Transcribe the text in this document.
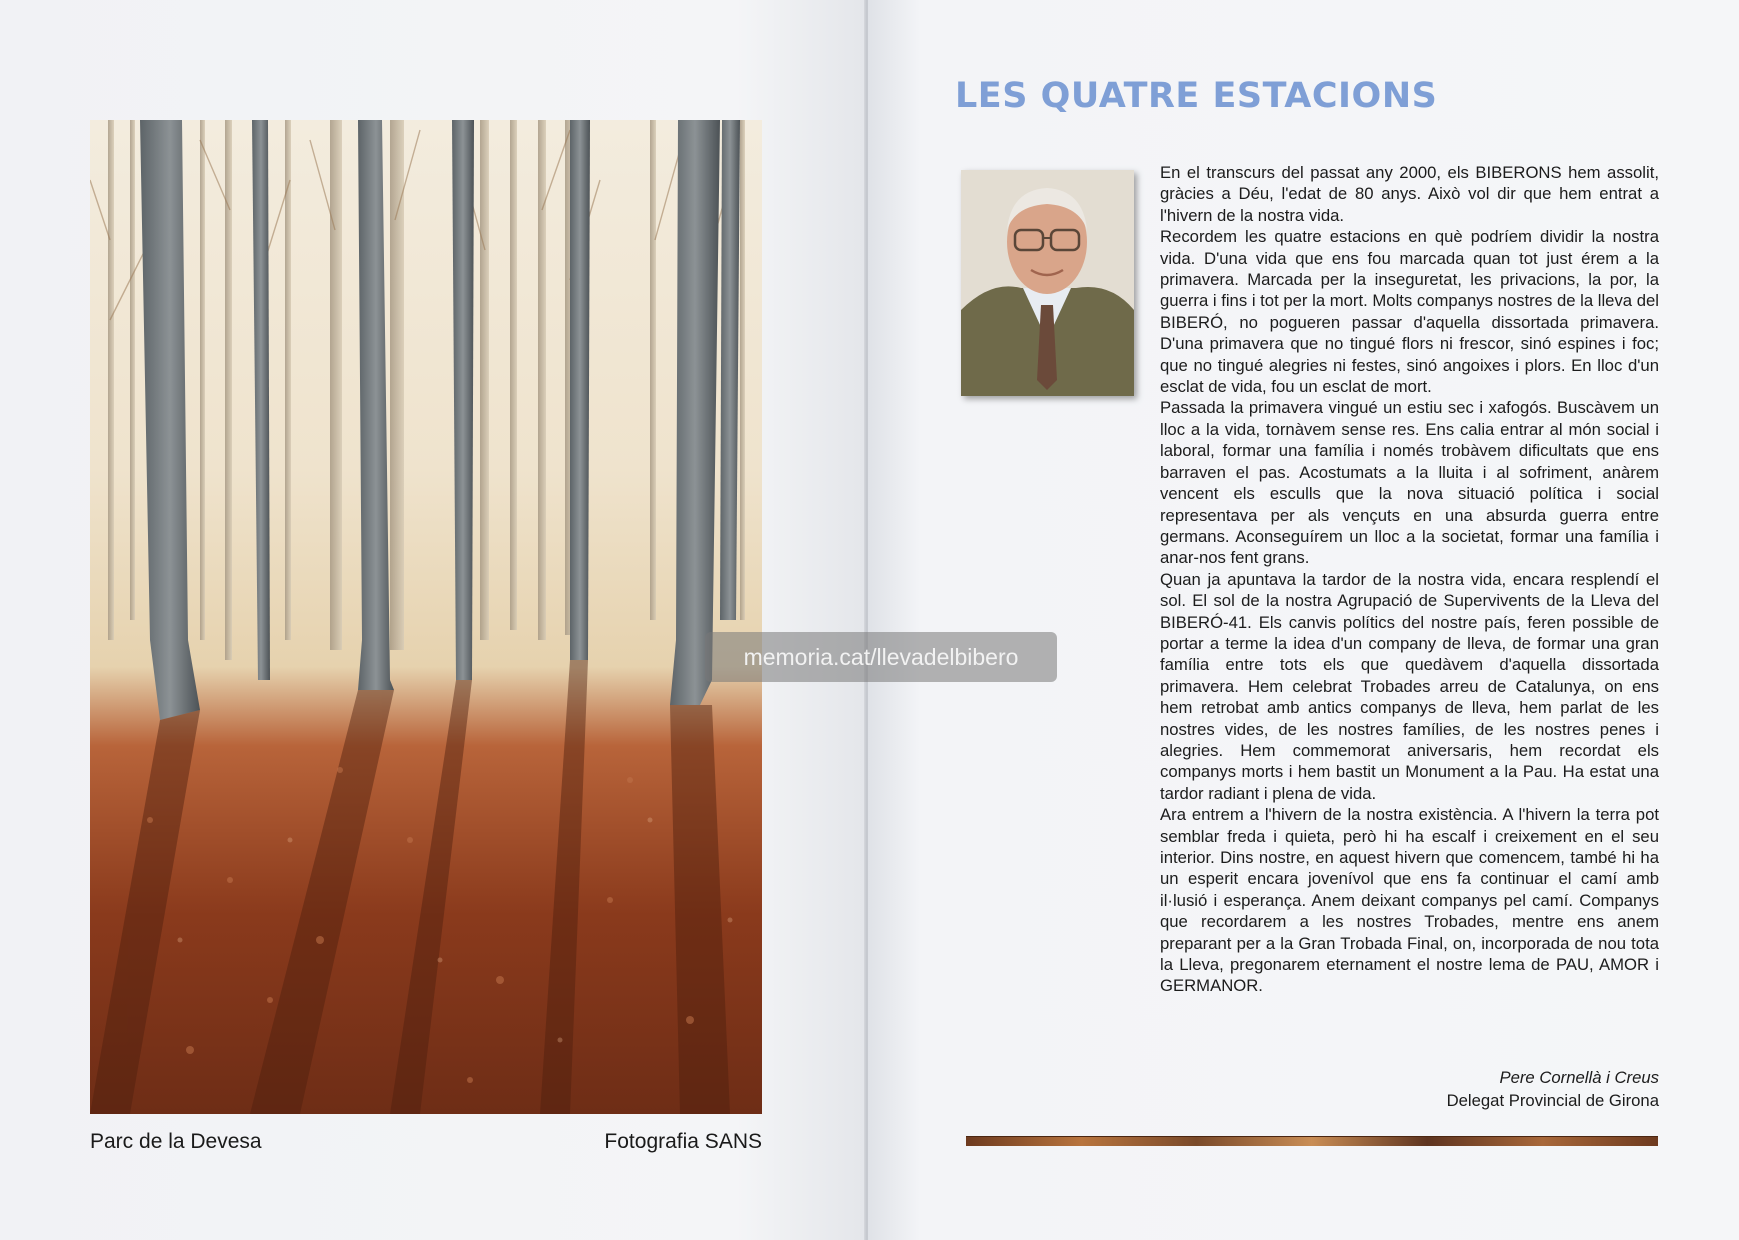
Parc de la Devesa	Fotografia SANS
LES QUATRE ESTACIONS

En el transcurs del passat any 2000, els BIBERONS hem assolit, gràcies a Déu, l'edat de 80 anys. Això vol dir que hem entrat a l'hivern de la nostra vida.

Recordem les quatre estacions en què podríem dividir la nostra vida. D'una vida que ens fou marcada quan tot just érem a la primavera. Marcada per la inseguretat, les privacions, la por, la guerra i fins i tot per la mort. Molts companys nostres de la lleva del BIBERÓ, no pogueren passar d'aquella dissortada primavera. D'una primavera que no tingué flors ni frescor, sinó espines i foc; que no tingué alegries ni festes, sinó angoixes i plors. En lloc d'un esclat de vida, fou un esclat de mort.

Passada la primavera vingué un estiu sec i xafogós. Buscàvem un lloc a la vida, tornàvem sense res. Ens calia entrar al món social i laboral, formar una família i només trobàvem dificultats que ens barraven el pas. Acostumats a la lluita i al sofriment, anàrem vencent els esculls que la nova situació política i social representava per als vençuts en una absurda guerra entre germans. Aconseguírem un lloc a la societat, formar una família i anar-nos fent grans.

Quan ja apuntava la tardor de la nostra vida, encara resplendí el sol. El sol de la nostra Agrupació de Supervivents de la Lleva del BIBERÓ-41. Els canvis polítics del nostre país, feren possible de portar a terme la idea d'un company de lleva, de formar una gran família entre tots els que quedàvem d'aquella dissortada primavera. Hem celebrat Trobades arreu de Catalunya, on ens hem retrobat amb antics companys de lleva, hem parlat de les nostres vides, de les nostres famílies, de les nostres penes i alegries. Hem commemorat aniversaris, hem recordat els companys morts i hem bastit un Monument a la Pau. Ha estat una tardor radiant i plena de vida.

Ara entrem a l'hivern de la nostra existència. A l'hivern la terra pot semblar freda i quieta, però hi ha escalf i creixement en el seu interior. Dins nostre, en aquest hivern que comencem, també hi ha un esperit encara jovenívol que ens fa continuar el camí amb il·lusió i esperança. Anem deixant companys pel camí. Companys que recordarem a les nostres Trobades, mentre ens anem preparant per a la Gran Trobada Final, on, incorporada de nou tota la Lleva, pregonarem eternament el nostre lema de PAU, AMOR i GERMANOR.

Pere Cornellà i Creus
Delegat Provincial de Girona
memoria.cat/llevadelbibero
